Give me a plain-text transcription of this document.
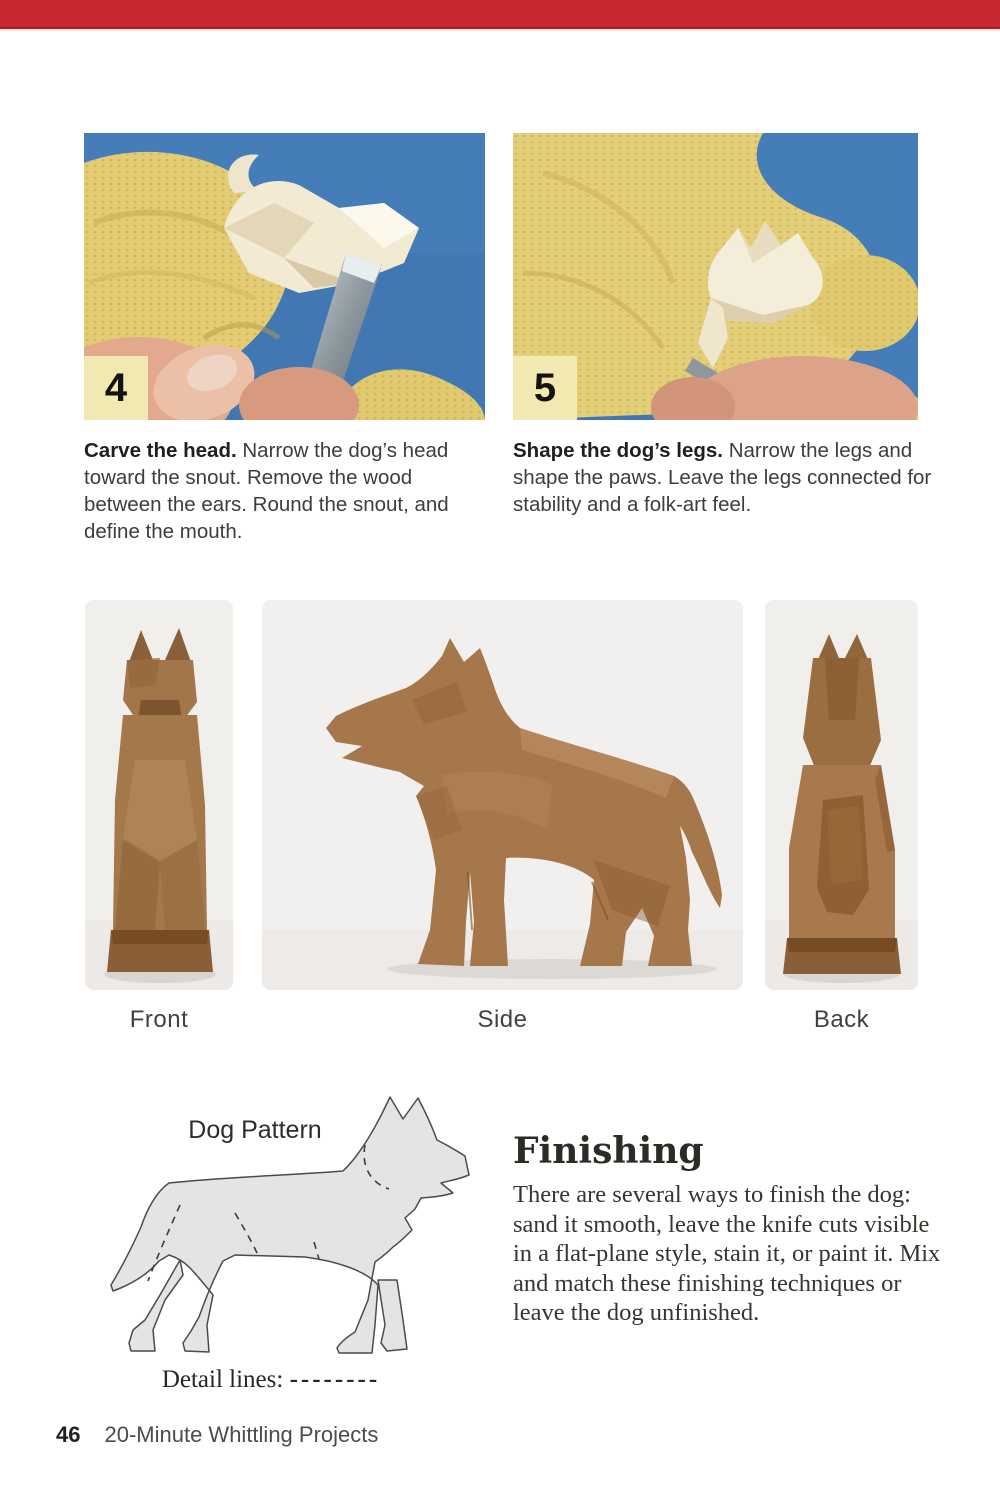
4

Carve the head. Narrow the dog’s head toward the snout. Remove the wood between the ears. Round the snout, and define the mouth.

5

Shape the dog’s legs. Narrow the legs and shape the paws. Leave the legs connected for stability and a folk-art feel.

Front	Side	Back
Dog Pattern
Detail lines: --------
Finishing

There are several ways to finish the dog: sand it smooth, leave the knife cuts visible in a flat-plane style, stain it, or paint it. Mix and match these finishing techniques or leave the dog unfinished.

46 20-Minute Whittling Projects
